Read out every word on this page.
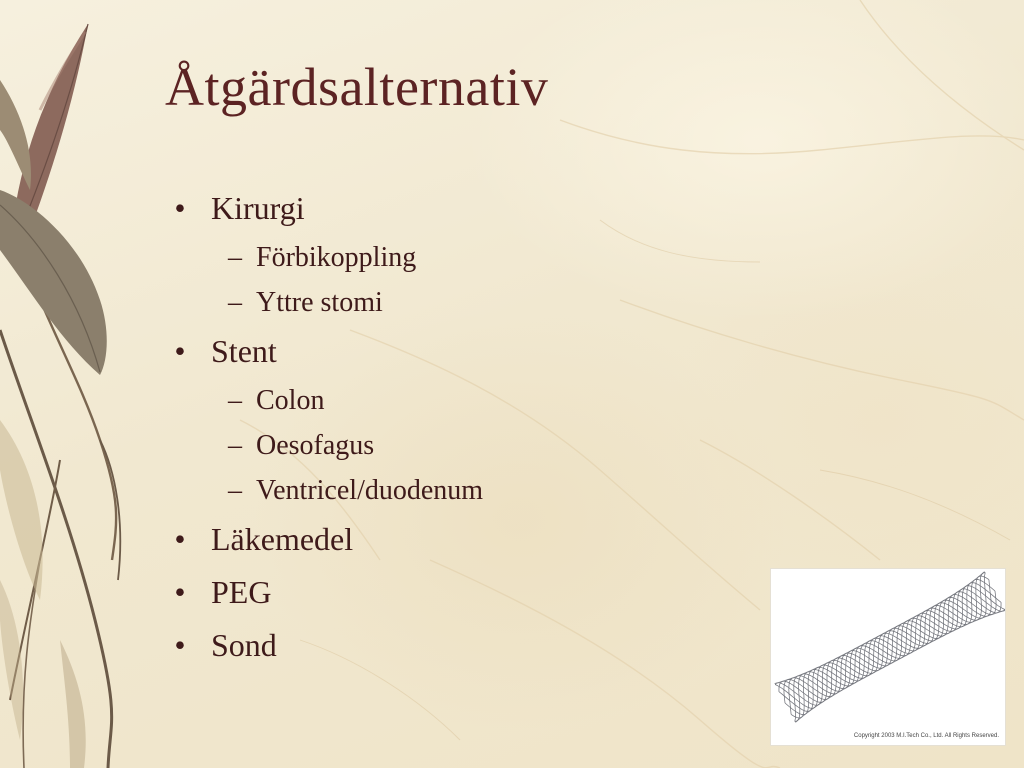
Åtgärdsalternativ
• Kirurgi
– Förbikoppling
– Yttre stomi
• Stent
– Colon
– Oesofagus
– Ventricel/duodenum
• Läkemedel
• PEG
• Sond
Copyright 2003 M.I.Tech Co., Ltd. All Rights Reserved.
